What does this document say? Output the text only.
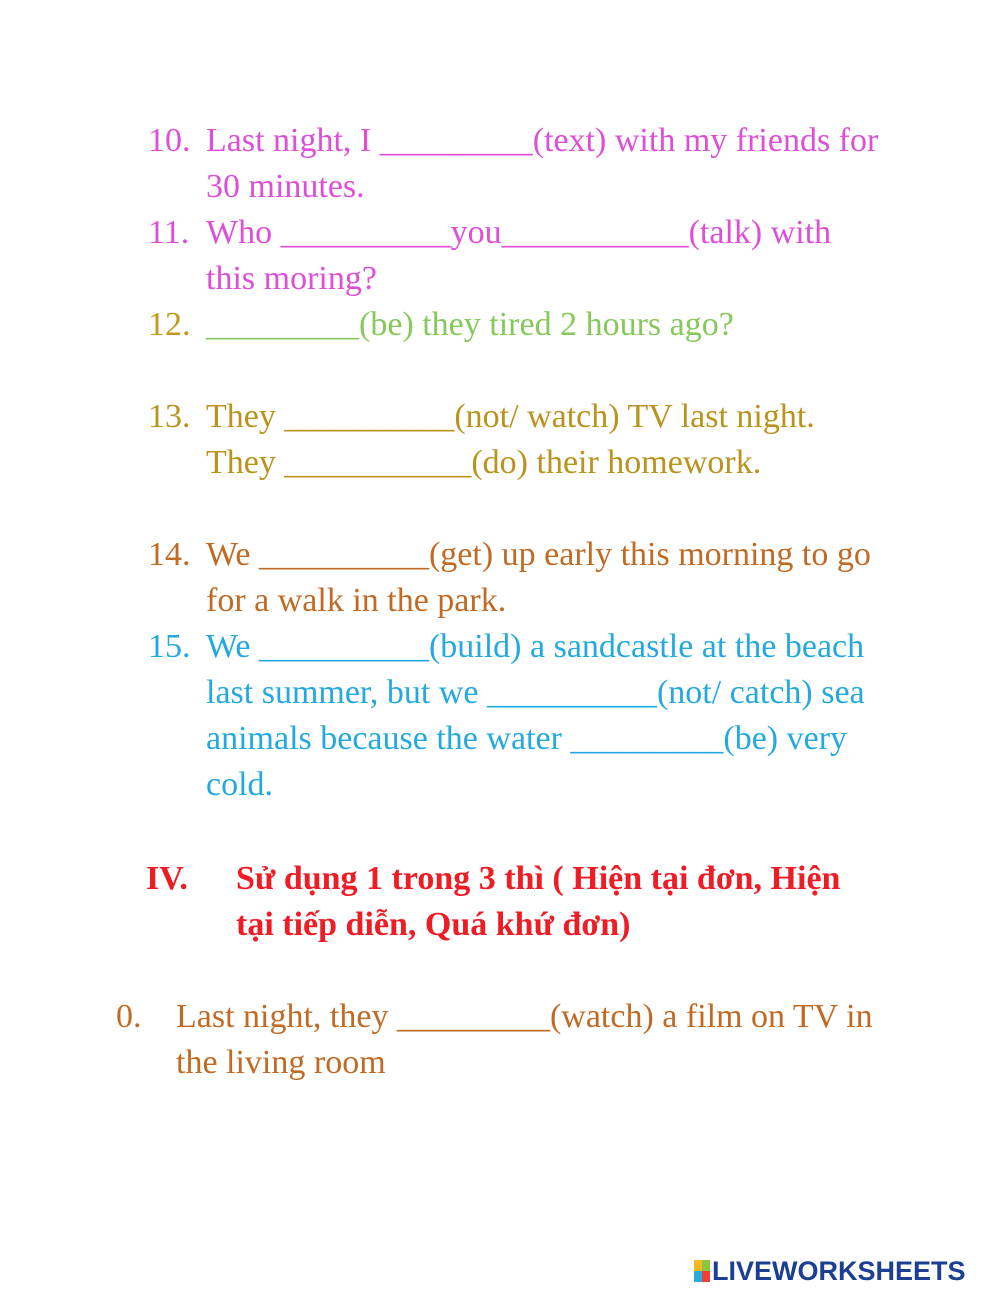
10. Last night, I _________(text) with my friends for 30 minutes.
11. Who __________you___________(talk) with this moring?
12. _________(be) they tired 2 hours ago?
13. They __________(not/ watch) TV last night. They ___________(do) their homework.
14. We __________(get) up early this morning to go for a walk in the park.
15. We __________(build) a sandcastle at the beach last summer, but we __________(not/ catch) sea animals because the water _________(be) very cold.
IV. Sử dụng 1 trong 3 thì ( Hiện tại đơn, Hiện tại tiếp diễn, Quá khứ đơn)
0. Last night, they _________(watch) a film on TV in the living room
LIVEWORKSHEETS
